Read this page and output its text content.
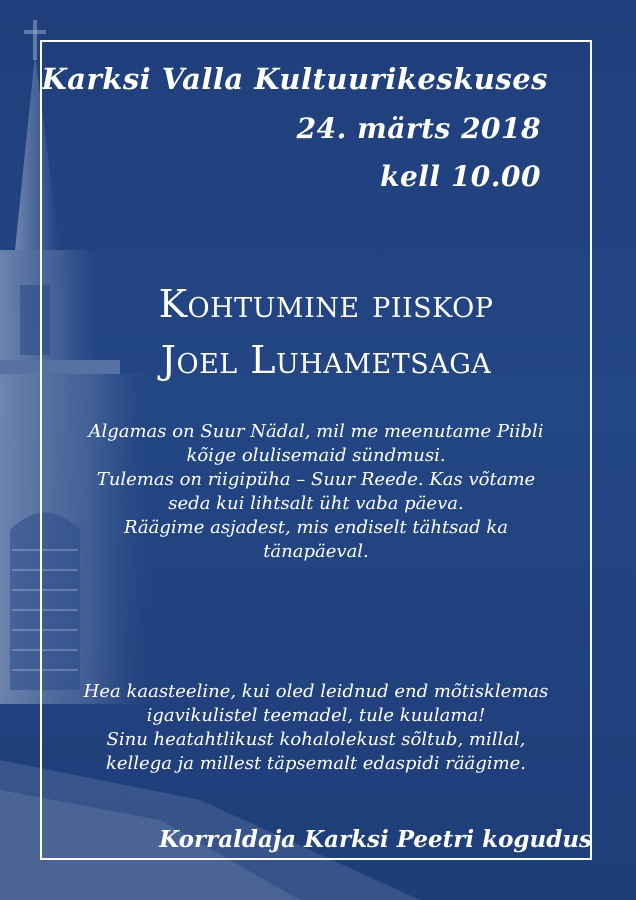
Karksi Valla Kultuurikeskuses
24. märts 2018
kell 10.00
Kohtumine piiskop
Joel Luhametsaga
Algamas on Suur Nädal, mil me meenutame Piibli
kõige olulisemaid sündmusi.
Tulemas on riigipüha – Suur Reede. Kas võtame
seda kui lihtsalt üht vaba päeva.
Räägime asjadest, mis endiselt tähtsad ka
tänapäeval.
Hea kaasteeline, kui oled leidnud end mõtisklemas
igavikulistel teemadel, tule kuulama!
Sinu heatahtlikust kohalolekust sõltub, millal,
kellega ja millest täpsemalt edaspidi räägime.
Korraldaja Karksi Peetri kogudus
